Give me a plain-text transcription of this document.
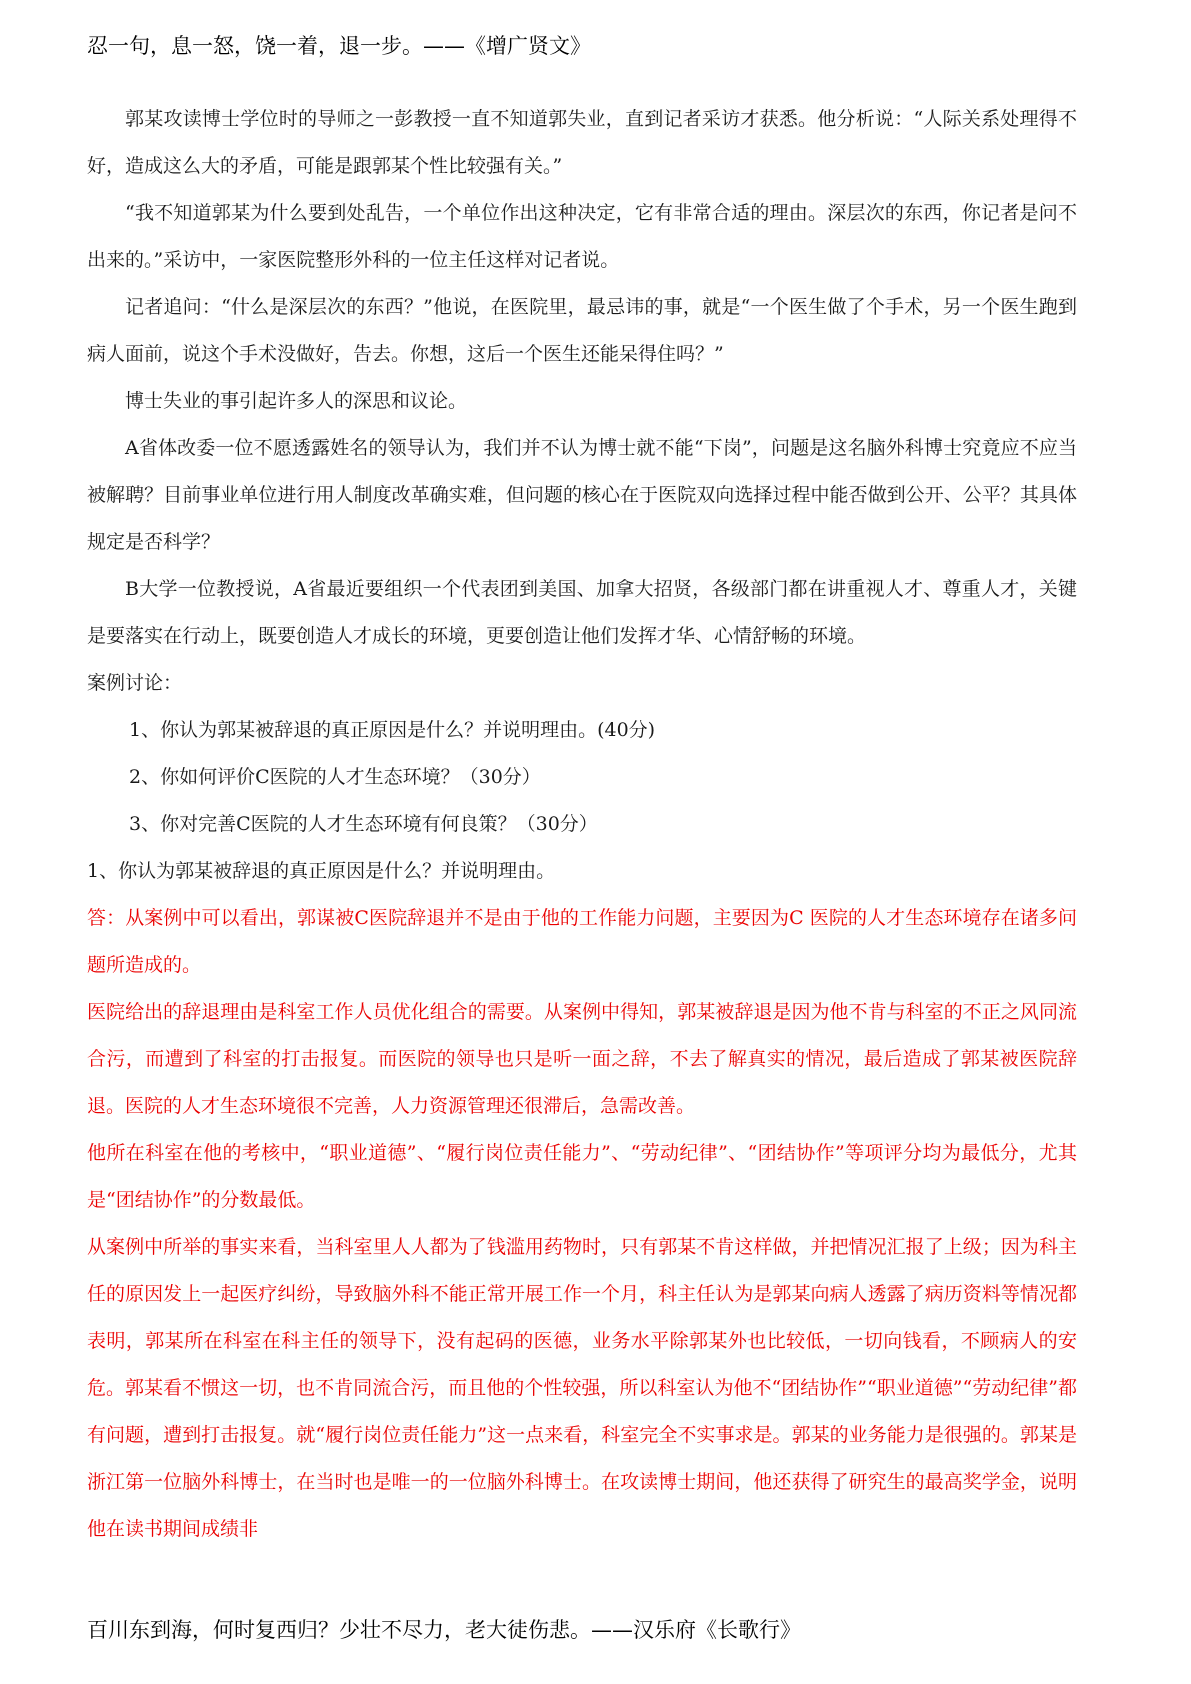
忍一句，息一怒，饶一着，退一步。——《增广贤文》

郭某攻读博士学位时的导师之一彭教授一直不知道郭失业，直到记者采访才获悉。他分析说：“人际关系处理得不好，造成这么大的矛盾，可能是跟郭某个性比较强有关。”

“我不知道郭某为什么要到处乱告，一个单位作出这种决定，它有非常合适的理由。深层次的东西，你记者是问不出来的。”采访中，一家医院整形外科的一位主任这样对记者说。

记者追问：“什么是深层次的东西？”他说，在医院里，最忌讳的事，就是“一个医生做了个手术，另一个医生跑到病人面前，说这个手术没做好，告去。你想，这后一个医生还能呆得住吗？”

博士失业的事引起许多人的深思和议论。

A省体改委一位不愿透露姓名的领导认为，我们并不认为博士就不能“下岗”，问题是这名脑外科博士究竟应不应当被解聘？目前事业单位进行用人制度改革确实难，但问题的核心在于医院双向选择过程中能否做到公开、公平？其具体规定是否科学？

B大学一位教授说，A省最近要组织一个代表团到美国、加拿大招贤，各级部门都在讲重视人才、尊重人才，关键是要落实在行动上，既要创造人才成长的环境，更要创造让他们发挥才华、心情舒畅的环境。

案例讨论：

1、你认为郭某被辞退的真正原因是什么？并说明理由。(40分)

2、你如何评价C医院的人才生态环境？（30分）

3、你对完善C医院的人才生态环境有何良策？（30分）

1、你认为郭某被辞退的真正原因是什么？并说明理由。

答：从案例中可以看出，郭谋被C医院辞退并不是由于他的工作能力问题，主要因为C 医院的人才生态环境存在诸多问题所造成的。

医院给出的辞退理由是科室工作人员优化组合的需要。从案例中得知，郭某被辞退是因为他不肯与科室的不正之风同流合污，而遭到了科室的打击报复。而医院的领导也只是听一面之辞，不去了解真实的情况，最后造成了郭某被医院辞退。医院的人才生态环境很不完善，人力资源管理还很滞后，急需改善。

他所在科室在他的考核中，“职业道德”、“履行岗位责任能力”、“劳动纪律”、“团结协作”等项评分均为最低分，尤其是“团结协作”的分数最低。

从案例中所举的事实来看，当科室里人人都为了钱滥用药物时，只有郭某不肯这样做，并把情况汇报了上级；因为科主任的原因发上一起医疗纠纷，导致脑外科不能正常开展工作一个月，科主任认为是郭某向病人透露了病历资料等情况都表明，郭某所在科室在科主任的领导下，没有起码的医德，业务水平除郭某外也比较低，一切向钱看，不顾病人的安危。郭某看不惯这一切，也不肯同流合污，而且他的个性较强，所以科室认为他不“团结协作”“职业道德”“劳动纪律”都有问题，遭到打击报复。就“履行岗位责任能力”这一点来看，科室完全不实事求是。郭某的业务能力是很强的。郭某是浙江第一位脑外科博士，在当时也是唯一的一位脑外科博士。在攻读博士期间，他还获得了研究生的最高奖学金，说明他在读书期间成绩非

百川东到海，何时复西归？少壮不尽力，老大徒伤悲。——汉乐府《长歌行》
